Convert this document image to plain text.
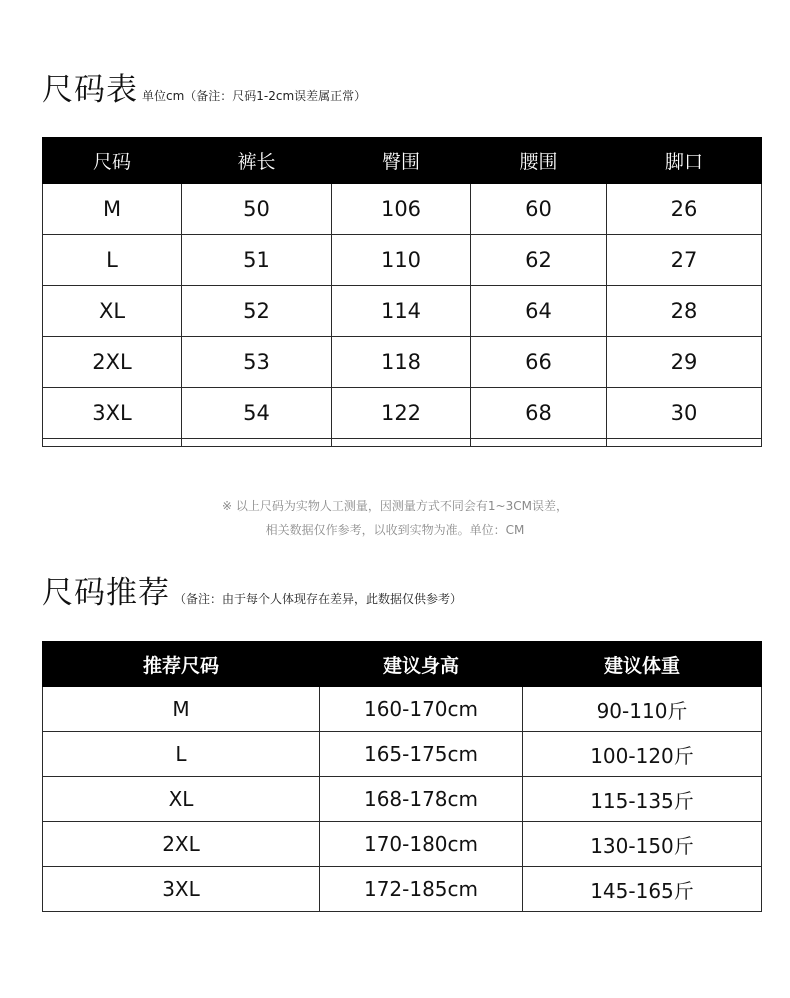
尺码表 单位cm（备注：尺码1-2cm误差属正常）
尺码	裤长	臀围	腰围	脚口
M	50	106	60	26
L	51	110	62	27
XL	52	114	64	28
2XL	53	118	66	29
3XL	54	122	68	30

※ 以上尺码为实物人工测量，因测量方式不同会有1~3CM误差，
相关数据仅作参考，以收到实物为准。单位：CM
尺码推荐 （备注：由于每个人体现存在差异，此数据仅供参考）
推荐尺码	建议身高	建议体重
M	160-170cm	90-110斤
L	165-175cm	100-120斤
XL	168-178cm	115-135斤
2XL	170-180cm	130-150斤
3XL	172-185cm	145-165斤
